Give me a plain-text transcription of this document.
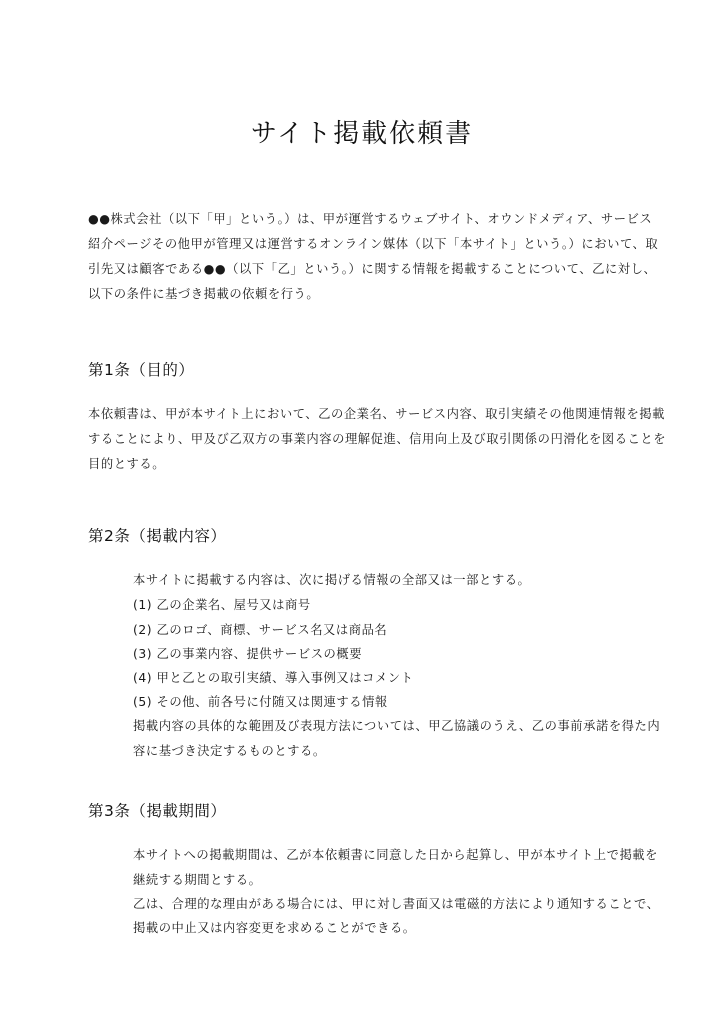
サイト掲載依頼書
●●株式会社（以下「甲」という。）は、甲が運営するウェブサイト、オウンドメディア、サービス
紹介ページその他甲が管理又は運営するオンライン媒体（以下「本サイト」という。）において、取
引先又は顧客である●●（以下「乙」という。）に関する情報を掲載することについて、乙に対し、
以下の条件に基づき掲載の依頼を行う。
第1条（目的）
本依頼書は、甲が本サイト上において、乙の企業名、サービス内容、取引実績その他関連情報を掲載
することにより、甲及び乙双方の事業内容の理解促進、信用向上及び取引関係の円滑化を図ることを
目的とする。
第2条（掲載内容）
本サイトに掲載する内容は、次に掲げる情報の全部又は一部とする。
(1) 乙の企業名、屋号又は商号
(2) 乙のロゴ、商標、サービス名又は商品名
(3) 乙の事業内容、提供サービスの概要
(4) 甲と乙との取引実績、導入事例又はコメント
(5) その他、前各号に付随又は関連する情報
掲載内容の具体的な範囲及び表現方法については、甲乙協議のうえ、乙の事前承諾を得た内
容に基づき決定するものとする。
第3条（掲載期間）
本サイトへの掲載期間は、乙が本依頼書に同意した日から起算し、甲が本サイト上で掲載を
継続する期間とする。
乙は、合理的な理由がある場合には、甲に対し書面又は電磁的方法により通知することで、
掲載の中止又は内容変更を求めることができる。
